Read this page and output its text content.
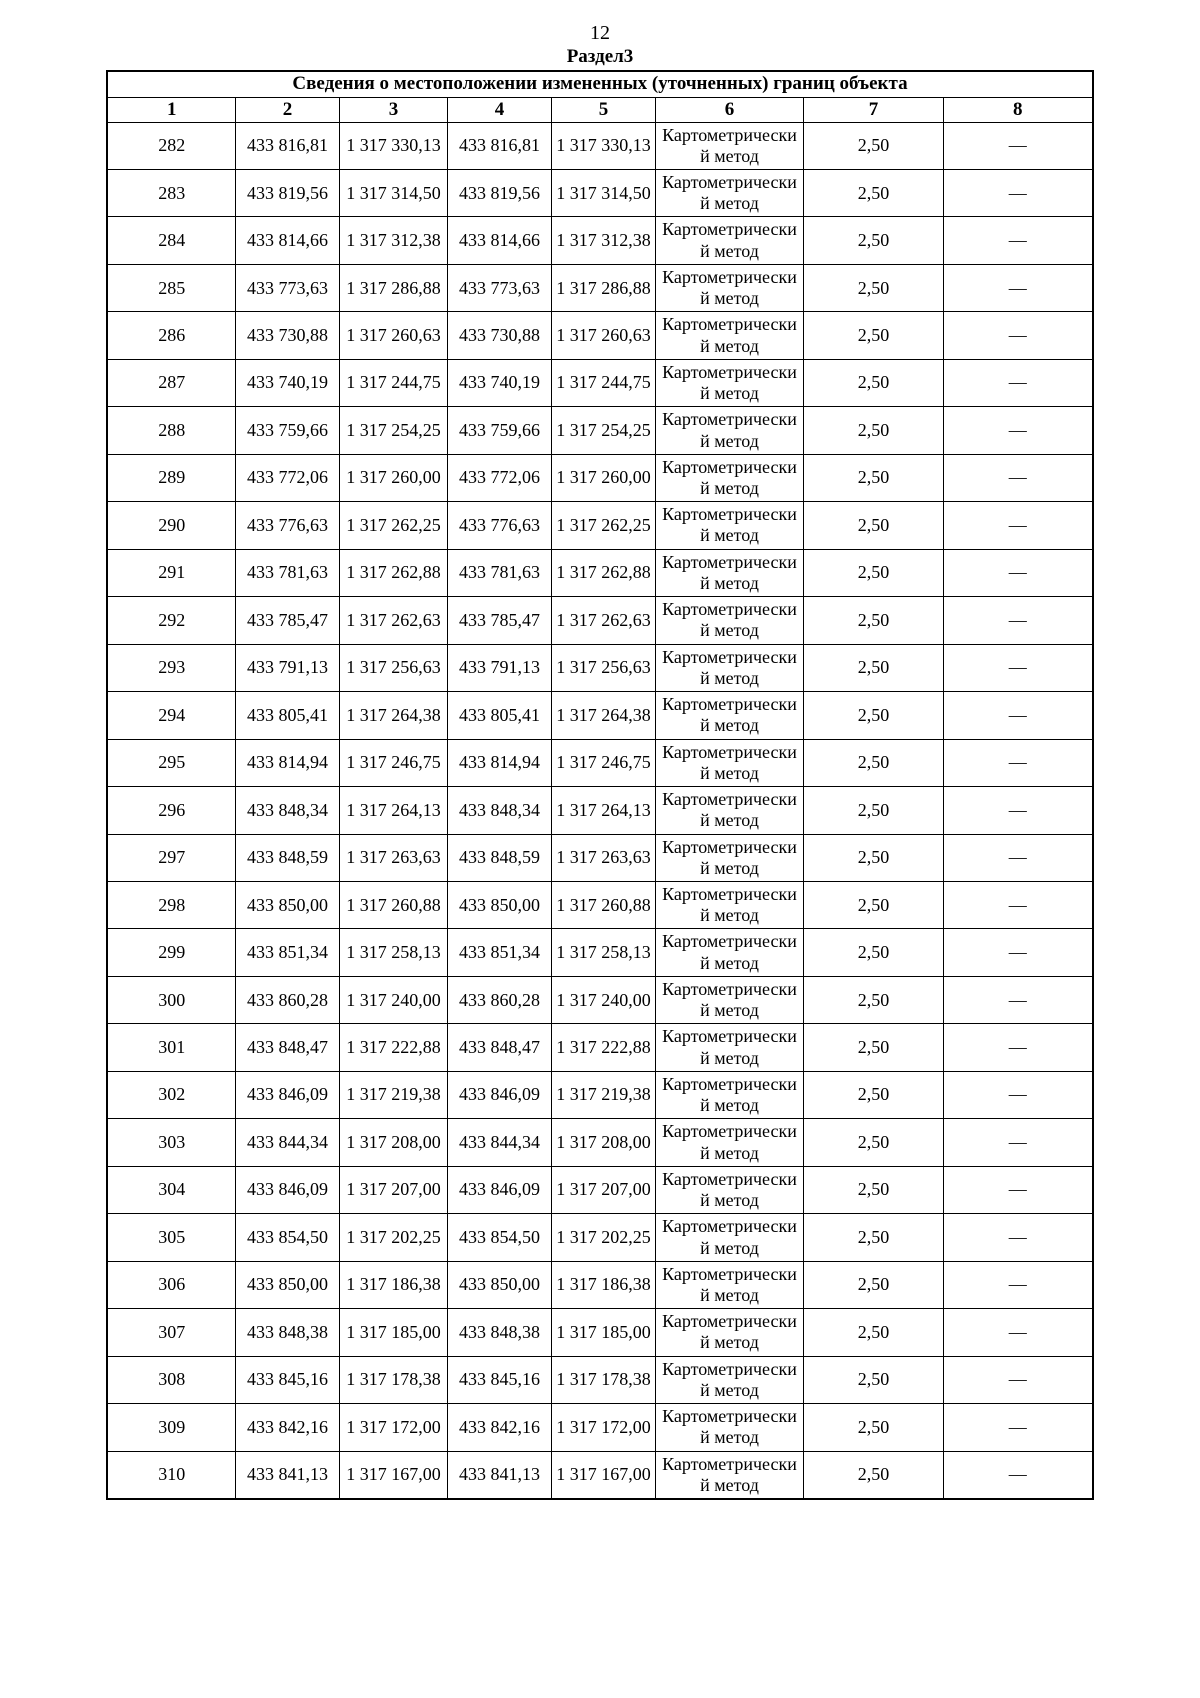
12
Раздел3
Сведения о местоположении измененных (уточненных) границ объекта							
1	2	3	4	5	6	7	8
282	433 816,81	1 317 330,13	433 816,81	1 317 330,13	Картометрический метод	2,50	—
283	433 819,56	1 317 314,50	433 819,56	1 317 314,50	Картометрический метод	2,50	—
284	433 814,66	1 317 312,38	433 814,66	1 317 312,38	Картометрический метод	2,50	—
285	433 773,63	1 317 286,88	433 773,63	1 317 286,88	Картометрический метод	2,50	—
286	433 730,88	1 317 260,63	433 730,88	1 317 260,63	Картометрический метод	2,50	—
287	433 740,19	1 317 244,75	433 740,19	1 317 244,75	Картометрический метод	2,50	—
288	433 759,66	1 317 254,25	433 759,66	1 317 254,25	Картометрический метод	2,50	—
289	433 772,06	1 317 260,00	433 772,06	1 317 260,00	Картометрический метод	2,50	—
290	433 776,63	1 317 262,25	433 776,63	1 317 262,25	Картометрический метод	2,50	—
291	433 781,63	1 317 262,88	433 781,63	1 317 262,88	Картометрический метод	2,50	—
292	433 785,47	1 317 262,63	433 785,47	1 317 262,63	Картометрический метод	2,50	—
293	433 791,13	1 317 256,63	433 791,13	1 317 256,63	Картометрический метод	2,50	—
294	433 805,41	1 317 264,38	433 805,41	1 317 264,38	Картометрический метод	2,50	—
295	433 814,94	1 317 246,75	433 814,94	1 317 246,75	Картометрический метод	2,50	—
296	433 848,34	1 317 264,13	433 848,34	1 317 264,13	Картометрический метод	2,50	—
297	433 848,59	1 317 263,63	433 848,59	1 317 263,63	Картометрический метод	2,50	—
298	433 850,00	1 317 260,88	433 850,00	1 317 260,88	Картометрический метод	2,50	—
299	433 851,34	1 317 258,13	433 851,34	1 317 258,13	Картометрический метод	2,50	—
300	433 860,28	1 317 240,00	433 860,28	1 317 240,00	Картометрический метод	2,50	—
301	433 848,47	1 317 222,88	433 848,47	1 317 222,88	Картометрический метод	2,50	—
302	433 846,09	1 317 219,38	433 846,09	1 317 219,38	Картометрический метод	2,50	—
303	433 844,34	1 317 208,00	433 844,34	1 317 208,00	Картометрический метод	2,50	—
304	433 846,09	1 317 207,00	433 846,09	1 317 207,00	Картометрический метод	2,50	—
305	433 854,50	1 317 202,25	433 854,50	1 317 202,25	Картометрический метод	2,50	—
306	433 850,00	1 317 186,38	433 850,00	1 317 186,38	Картометрический метод	2,50	—
307	433 848,38	1 317 185,00	433 848,38	1 317 185,00	Картометрический метод	2,50	—
308	433 845,16	1 317 178,38	433 845,16	1 317 178,38	Картометрический метод	2,50	—
309	433 842,16	1 317 172,00	433 842,16	1 317 172,00	Картометрический метод	2,50	—
310	433 841,13	1 317 167,00	433 841,13	1 317 167,00	Картометрический метод	2,50	—
